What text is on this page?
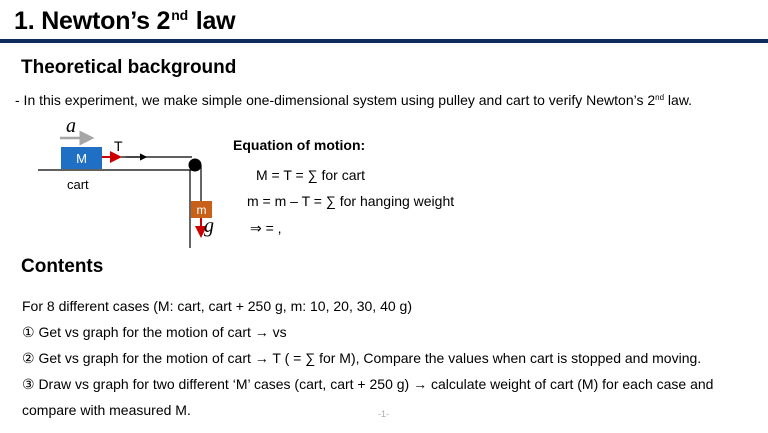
1. Newton’s 2nd law
Theoretical background
- In this experiment, we make simple one-dimensional system using pulley and cart to verify Newton’s 2nd law.
a
M
T
cart
m
g
Equation of motion:
M = T = ∑ for cart
m = m – T = ∑ for hanging weight
⇒ = ,
Contents
For 8 different cases (M: cart, cart + 250 g, m: 10, 20, 30, 40 g)
① Get vs graph for the motion of cart → vs
② Get vs graph for the motion of cart → T ( = ∑ for M), Compare the values when cart is stopped and moving.
③ Draw vs graph for two different ‘M’ cases (cart, cart + 250 g) → calculate weight of cart (M) for each case and
compare with measured M.	-1-
